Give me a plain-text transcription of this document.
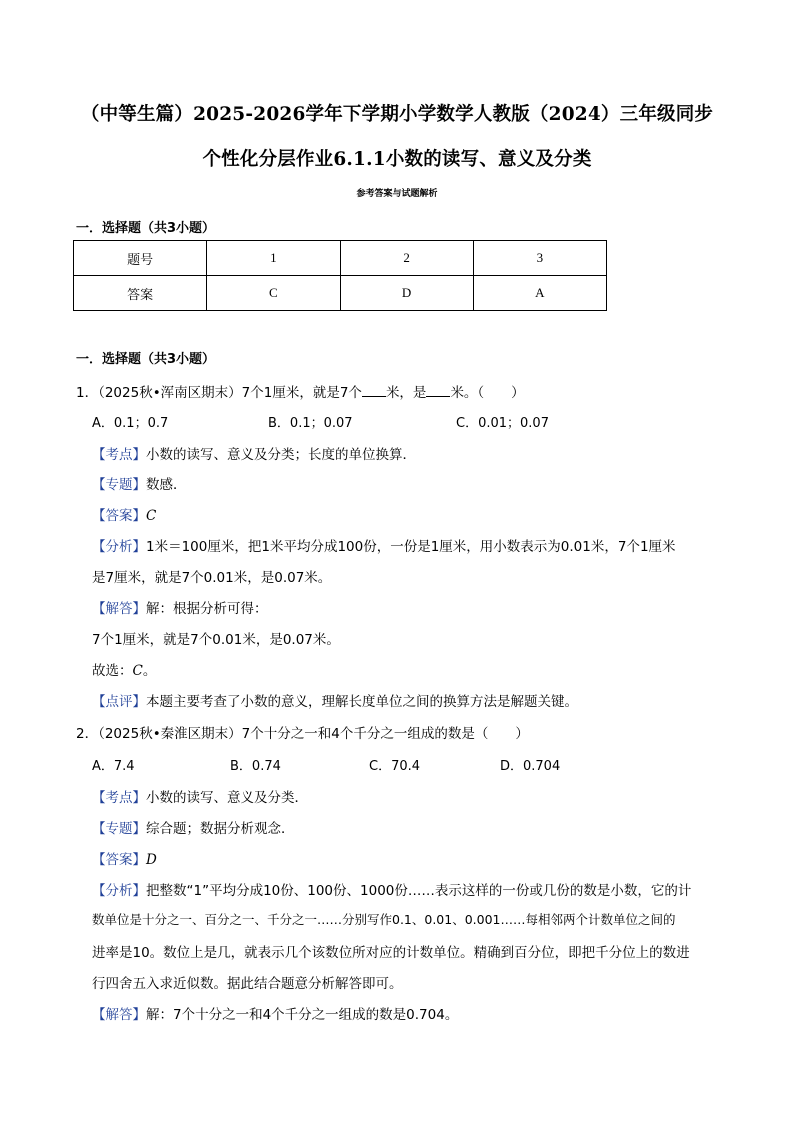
（中等生篇）2025-2026学年下学期小学数学人教版（2024）三年级同步
个性化分层作业6.1.1小数的读写、意义及分类
参考答案与试题解析
一．选择题（共3小题）
题号	1	2	3
答案	C	D	A
一．选择题（共3小题）
1．（2025秋•浑南区期末）7个1厘米，就是7个 米，是 米。（　　）
A．0.1；0.7	B．0.1；0.07	C．0.01；0.07
【考点】小数的读写、意义及分类；长度的单位换算．
【专题】数感．
【答案】C
【分析】1米＝100厘米，把1米平均分成100份，一份是1厘米，用小数表示为0.01米，7个1厘米
是7厘米，就是7个0.01米，是0.07米。
【解答】解：根据分析可得：
7个1厘米，就是7个0.01米，是0.07米。
故选：C。
【点评】本题主要考查了小数的意义，理解长度单位之间的换算方法是解题关键。
2．（2025秋•秦淮区期末）7个十分之一和4个千分之一组成的数是（　　）
A．7.4	B．0.74	C．70.4	D．0.704
【考点】小数的读写、意义及分类．
【专题】综合题；数据分析观念．
【答案】D
【分析】把整数“1”平均分成10份、100份、1000份……表示这样的一份或几份的数是小数，它的计
数单位是十分之一、百分之一、千分之一……分别写作0.1、0.01、0.001……每相邻两个计数单位之间的
进率是10。数位上是几，就表示几个该数位所对应的计数单位。精确到百分位，即把千分位上的数进
行四舍五入求近似数。据此结合题意分析解答即可。
【解答】解：7个十分之一和4个千分之一组成的数是0.704。
